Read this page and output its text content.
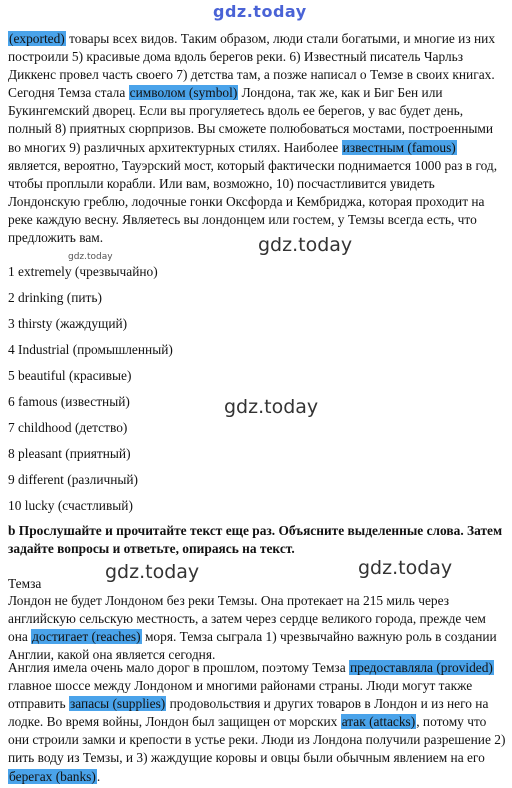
gdz.today

(exported) товары всех видов. Таким образом, люди стали богатыми, и многие из них построили 5) красивые дома вдоль берегов реки. 6) Известный писатель Чарльз Диккенс провел часть своего 7) детства там, а позже написал о Темзе в своих книгах. Сегодня Темза стала символом (symbol) Лондона, так же, как и Биг Бен или Букингемский дворец. Если вы прогуляетесь вдоль ее берегов, у вас будет день, полный 8) приятных сюрпризов. Вы сможете полюбоваться мостами, построенными во многих 9) различных архитектурных стилях. Наиболее известным (famous) является, вероятно, Тауэрский мост, который фактически поднимается 1000 раз в год, чтобы проплыли корабли. Или вам, возможно, 10) посчастливится увидеть Лондонскую греблю, лодочные гонки Оксфорда и Кембриджа, которая проходит на реке каждую весну. Являетесь вы лондонцем или гостем, у Темзы всегда есть, что предложить вам.	gdz.today
gdz.today
1 extremely (чрезвычайно)
2 drinking (пить)
3 thirsty (жаждущий)
4 Industrial (промышленный)
5 beautiful (красивые)
6 famous (известный)
7 childhood (детство)
8 pleasant (приятный)
9 different (различный)
10 lucky (счастливый)
gdz.today

b Прослушайте и прочитайте текст еще раз. Объясните выделенные слова. Затем задайте вопросы и ответьте, опираясь на текст.

gdz.today	gdz.today
Темза

Лондон не будет Лондоном без реки Темзы. Она протекает на 215 миль через английскую сельскую местность, а затем через сердце великого города, прежде чем она достигает (reaches) моря. Темза сыграла 1) чрезвычайно важную роль в создании Англии, какой она является сегодня.

Англия имела очень мало дорог в прошлом, поэтому Темза предоставляла (provided) главное шоссе между Лондоном и многими районами страны. Люди могут также отправить запасы (supplies) продовольствия и других товаров в Лондон и из него на лодке. Во время войны, Лондон был защищен от морских атак (attacks), потому что они строили замки и крепости в устье реки. Люди из Лондона получили разрешение 2) пить воду из Темзы, и 3) жаждущие коровы и овцы были обычным явлением на его берегах (banks).
